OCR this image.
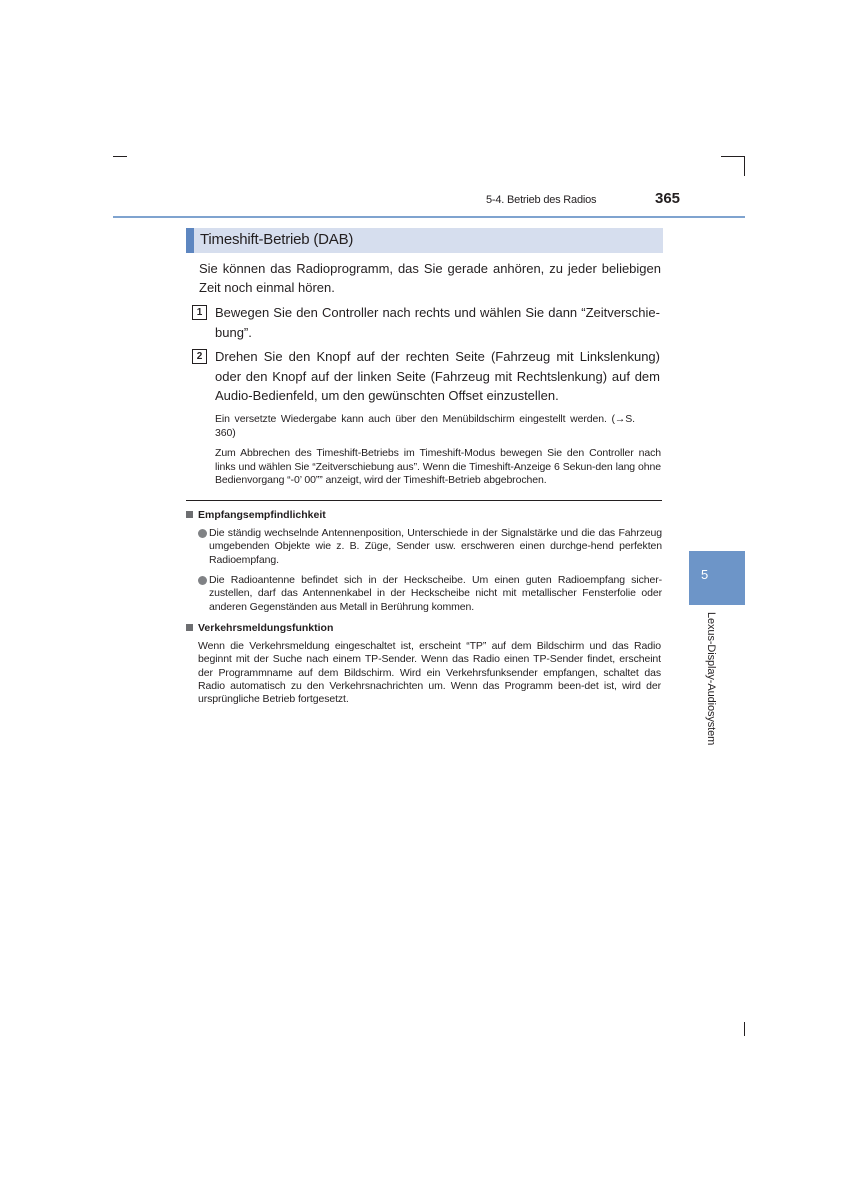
5-4. Betrieb des Radios	365
Timeshift-Betrieb (DAB)
Sie können das Radioprogramm, das Sie gerade anhören, zu jeder beliebigen Zeit noch einmal hören.
1 Bewegen Sie den Controller nach rechts und wählen Sie dann “Zeitverschie-bung”.
2 Drehen Sie den Knopf auf der rechten Seite (Fahrzeug mit Linkslenkung) oder den Knopf auf der linken Seite (Fahrzeug mit Rechtslenkung) auf dem Audio-Bedienfeld, um den gewünschten Offset einzustellen.
Ein versetzte Wiedergabe kann auch über den Menübildschirm eingestellt werden. (→S. 360)
Zum Abbrechen des Timeshift-Betriebs im Timeshift-Modus bewegen Sie den Controller nach links und wählen Sie “Zeitverschiebung aus”. Wenn die Timeshift-Anzeige 6 Sekun-den lang ohne Bedienvorgang “-0’ 00”” anzeigt, wird der Timeshift-Betrieb abgebrochen.
Empfangsempfindlichkeit
Die ständig wechselnde Antennenposition, Unterschiede in der Signalstärke und die das Fahrzeug umgebenden Objekte wie z. B. Züge, Sender usw. erschweren einen durchge-hend perfekten Radioempfang.
Die Radioantenne befindet sich in der Heckscheibe. Um einen guten Radioempfang sicher-zustellen, darf das Antennenkabel in der Heckscheibe nicht mit metallischer Fensterfolie oder anderen Gegenständen aus Metall in Berührung kommen.
Verkehrsmeldungsfunktion
Wenn die Verkehrsmeldung eingeschaltet ist, erscheint “TP” auf dem Bildschirm und das Radio beginnt mit der Suche nach einem TP-Sender. Wenn das Radio einen TP-Sender findet, erscheint der Programmname auf dem Bildschirm. Wird ein Verkehrsfunksender empfangen, schaltet das Radio automatisch zu den Verkehrsnachrichten um. Wenn das Programm been-det ist, wird der ursprüngliche Betrieb fortgesetzt.
5
Lexus-Display-Audiosystem
